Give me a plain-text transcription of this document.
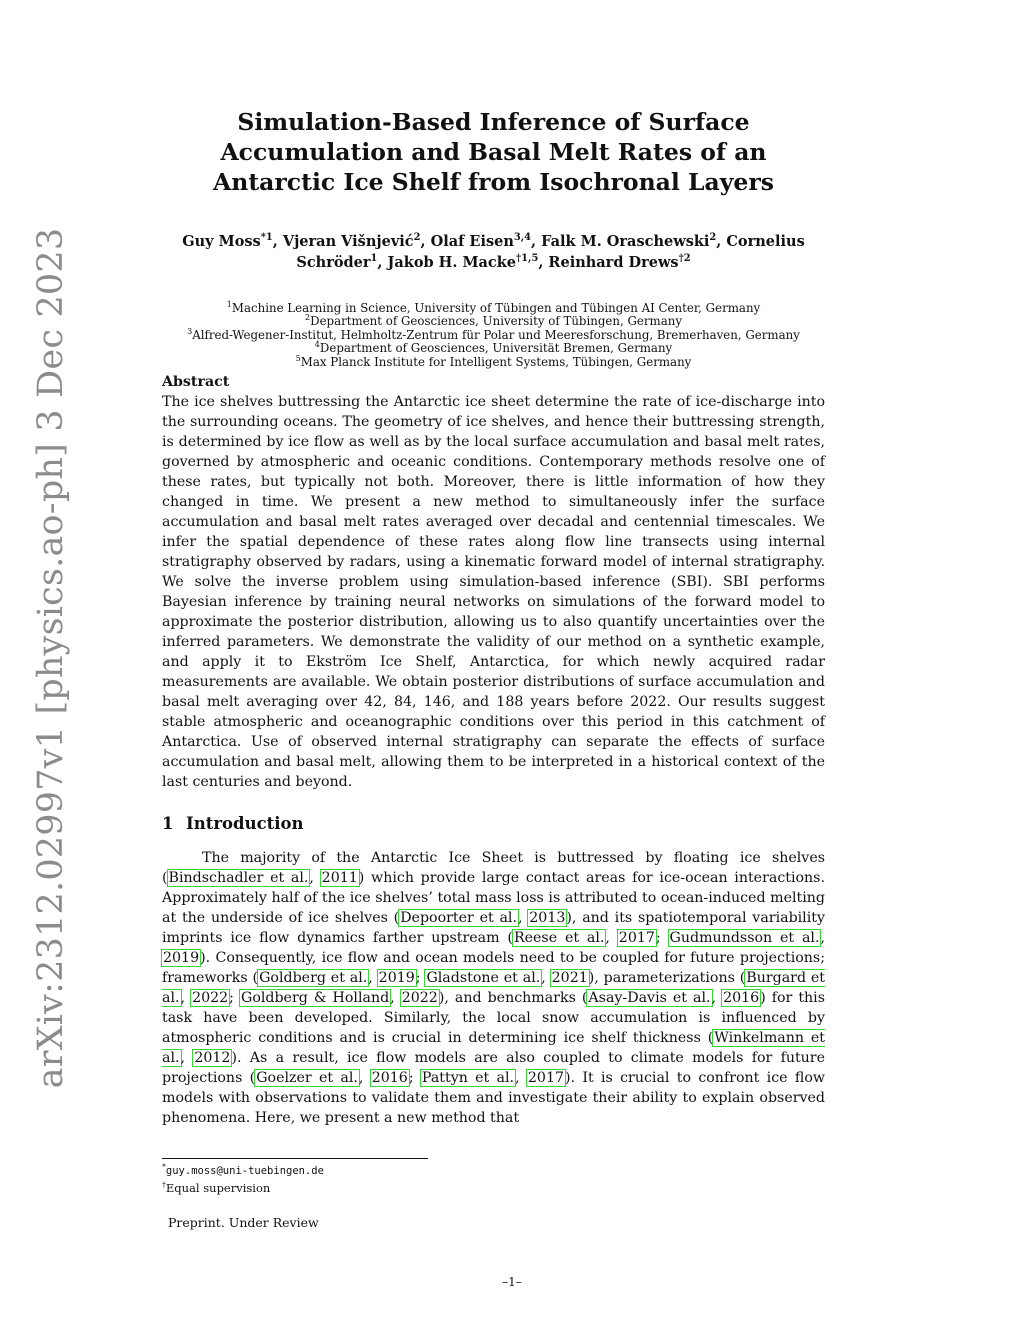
arXiv:2312.02997v1 [physics.ao-ph] 3 Dec 2023
Simulation-Based Inference of Surface Accumulation and Basal Melt Rates of an Antarctic Ice Shelf from Isochronal Layers
Guy Moss$^{*1}$, Vjeran Višnjević$^2$, Olaf Eisen$^{3,4}$, Falk M. Oraschewski$^2$, Cornelius Schröder$^1$, Jakob H. Macke$^{\dagger 1,5}$, Reinhard Drews$^{\dagger 2}$
$^1$Machine Learning in Science, University of Tübingen and Tübingen AI Center, Germany
$^2$Department of Geosciences, University of Tübingen, Germany
$^3$Alfred-Wegener-Institut, Helmholtz-Zentrum für Polar und Meeresforschung, Bremerhaven, Germany
$^4$Department of Geosciences, Universität Bremen, Germany
$^5$Max Planck Institute for Intelligent Systems, Tübingen, Germany
Abstract
The ice shelves buttressing the Antarctic ice sheet determine the rate of ice-discharge into the surrounding oceans. The geometry of ice shelves, and hence their buttressing strength, is determined by ice flow as well as by the local surface accumulation and basal melt rates, governed by atmospheric and oceanic conditions. Contemporary methods resolve one of these rates, but typically not both. Moreover, there is little information of how they changed in time. We present a new method to simultaneously infer the surface accumulation and basal melt rates averaged over decadal and centennial timescales. We infer the spatial dependence of these rates along flow line transects using internal stratigraphy observed by radars, using a kinematic forward model of internal stratigraphy. We solve the inverse problem using simulation-based inference (SBI). SBI performs Bayesian inference by training neural networks on simulations of the forward model to approximate the posterior distribution, allowing us to also quantify uncertainties over the inferred parameters. We demonstrate the validity of our method on a synthetic example, and apply it to Ekström Ice Shelf, Antarctica, for which newly acquired radar measurements are available. We obtain posterior distributions of surface accumulation and basal melt averaging over 42, 84, 146, and 188 years before 2022. Our results suggest stable atmospheric and oceanographic conditions over this period in this catchment of Antarctica. Use of observed internal stratigraphy can separate the effects of surface accumulation and basal melt, allowing them to be interpreted in a historical context of the last centuries and beyond.
1 Introduction
The majority of the Antarctic Ice Sheet is buttressed by floating ice shelves (Bindschadler et al., 2011) which provide large contact areas for ice-ocean interactions. Approximately half of the ice shelves’ total mass loss is attributed to ocean-induced melting at the underside of ice shelves (Depoorter et al., 2013), and its spatiotemporal variability imprints ice flow dynamics farther upstream (Reese et al., 2017; Gudmundsson et al., 2019). Consequently, ice flow and ocean models need to be coupled for future projections; frameworks (Goldberg et al., 2019; Gladstone et al., 2021), parameterizations (Burgard et al., 2022; Goldberg & Holland, 2022), and benchmarks (Asay-Davis et al., 2016) for this task have been developed. Similarly, the local snow accumulation is influenced by atmospheric conditions and is crucial in determining ice shelf thickness (Winkelmann et al., 2012). As a result, ice flow models are also coupled to climate models for future projections (Goelzer et al., 2016; Pattyn et al., 2017). It is crucial to confront ice flow models with observations to validate them and investigate their ability to explain observed phenomena. Here, we present a new method that
*guy.moss@uni-tuebingen.de
†Equal supervision
Preprint. Under Review
–1–
